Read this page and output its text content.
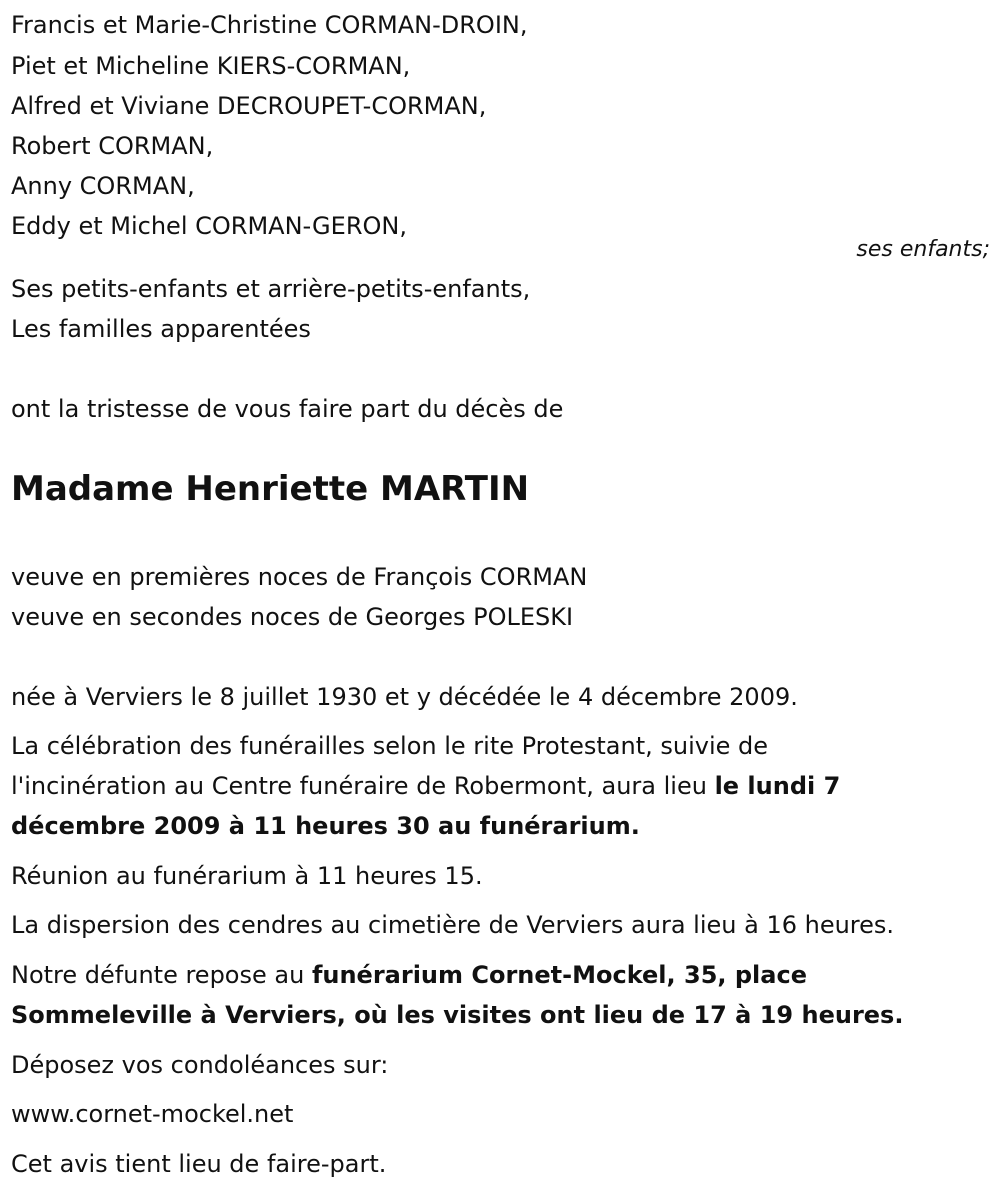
Francis et Marie-Christine CORMAN-DROIN,
Piet et Micheline KIERS-CORMAN,
Alfred et Viviane DECROUPET-CORMAN,
Robert CORMAN,
Anny CORMAN,
Eddy et Michel CORMAN-GERON,
ses enfants;
Ses petits-enfants et arrière-petits-enfants,
Les familles apparentées
ont la tristesse de vous faire part du décès de
Madame Henriette MARTIN
veuve en premières noces de François CORMAN
veuve en secondes noces de Georges POLESKI
née à Verviers le 8 juillet 1930 et y décédée le 4 décembre 2009.
La célébration des funérailles selon le rite Protestant, suivie de
l'incinération au Centre funéraire de Robermont, aura lieu le lundi 7
décembre 2009 à 11 heures 30 au funérarium.
Réunion au funérarium à 11 heures 15.
La dispersion des cendres au cimetière de Verviers aura lieu à 16 heures.
Notre défunte repose au funérarium Cornet-Mockel, 35, place
Sommeleville à Verviers, où les visites ont lieu de 17 à 19 heures.
Déposez vos condoléances sur:
www.cornet-mockel.net
Cet avis tient lieu de faire-part.
